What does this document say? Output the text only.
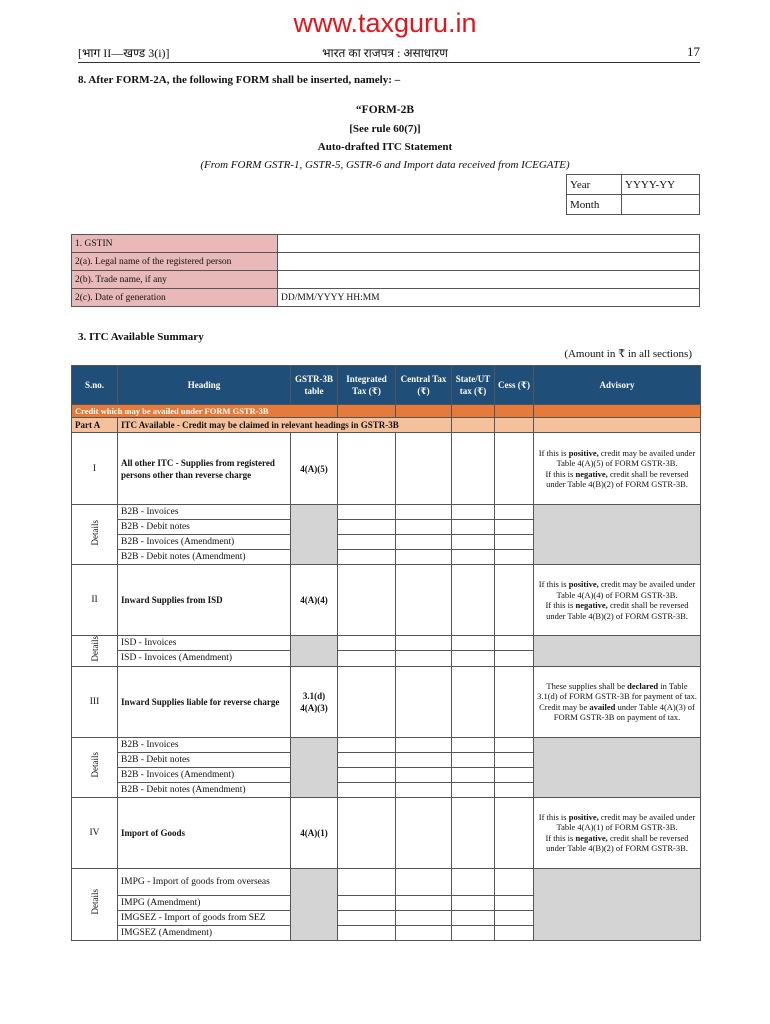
www.taxguru.in
[भाग II—खण्ड 3(i)]	भारत का राजपत्र : असाधारण	17
8. After FORM-2A, the following FORM shall be inserted, namely: –
“FORM-2B
[See rule 60(7)]
Auto-drafted ITC Statement
(From FORM GSTR-1, GSTR-5, GSTR-6 and Import data received from ICEGATE)
Year	YYYY-YY
Month	
1. GSTIN	
2(a). Legal name of the registered person	
2(b). Trade name, if any	
2(c). Date of generation	DD/MM/YYYY HH:MM
3. ITC Available Summary
(Amount in ₹ in all sections)
S.no.	Heading	GSTR-3B table	Integrated Tax (₹)	Central Tax (₹)	State/UT tax (₹)	Cess (₹)	Advisory
Credit which may be availed under FORM GSTR-3B							
Part A	ITC Available - Credit may be claimed in relevant headings in GSTR-3B						
I	All other ITC - Supplies from registered persons other than reverse charge	4(A)(5)					If this is positive, credit may be availed under Table 4(A)(5) of FORM GSTR-3B.
If this is negative, credit shall be reversed under Table 4(B)(2) of FORM GSTR-3B.
Details	B2B - Invoices						
	B2B - Debit notes						
	B2B - Invoices (Amendment)						
	B2B - Debit notes (Amendment)						
II	Inward Supplies from ISD	4(A)(4)					If this is positive, credit may be availed under Table 4(A)(4) of FORM GSTR-3B.
If this is negative, credit shall be reversed under Table 4(B)(2) of FORM GSTR-3B.
Details	ISD - Invoices						
	ISD - Invoices (Amendment)						
III	Inward Supplies liable for reverse charge	3.1(d) 4(A)(3)					These supplies shall be declared in Table 3.1(d) of FORM GSTR-3B for payment of tax.
Credit may be availed under Table 4(A)(3) of FORM GSTR-3B on payment of tax.
Details	B2B - Invoices						
	B2B - Debit notes						
	B2B - Invoices (Amendment)						
	B2B - Debit notes (Amendment)						
IV	Import of Goods	4(A)(1)					If this is positive, credit may be availed under Table 4(A)(1) of FORM GSTR-3B.
If this is negative, credit shall be reversed under Table 4(B)(2) of FORM GSTR-3B.
Details	IMPG - Import of goods from overseas						
	IMPG (Amendment)						
	IMGSEZ - Import of goods from SEZ						
	IMGSEZ (Amendment)						
